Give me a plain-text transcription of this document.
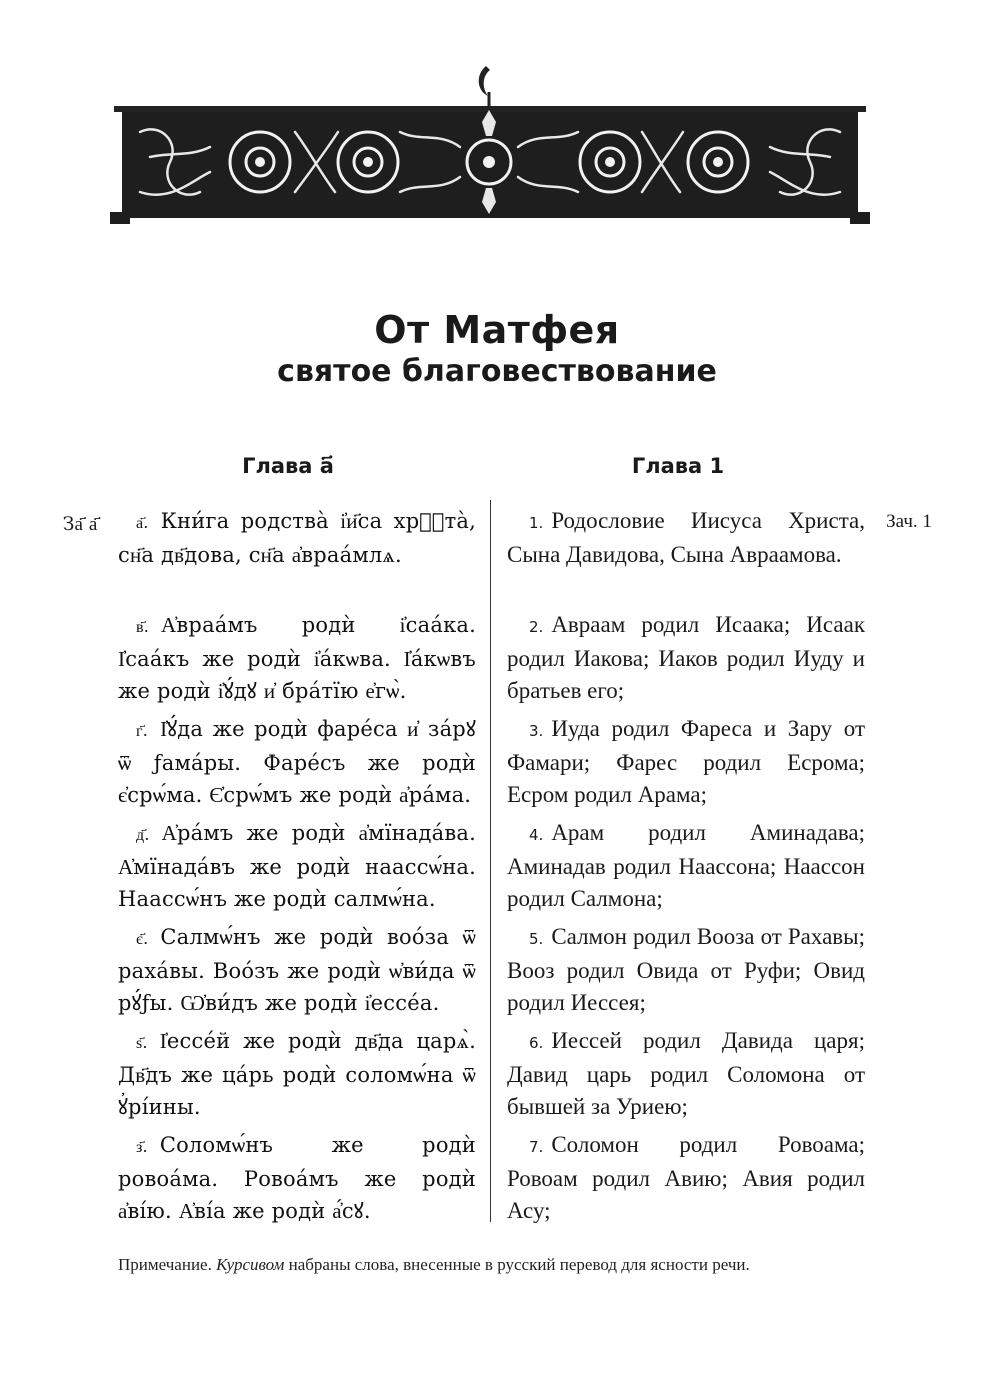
От Матфея
святое благовествование
Глава а҃	Глава 1
За҃ а҃	Зач. 1
а҃. Кни́га родства̀ і҆и҃са хрⷭ҇та̀, сн҃а дв҃дова, сн҃а а҆враа́млѧ.
в҃. А҆враа́мъ родѝ і҆саа́ка. І҆саа́къ же родѝ і҆а́кѡва. І҆а́кѡвъ же родѝ і҆ꙋ́дꙋ и҆ бра́тїю е҆гѡ̀.
г҃. І҆ꙋ́да же родѝ фаре́са и҆ за́рꙋ ѿ ƒама́ры. Фаре́съ же родѝ є҆срѡ́ма. Є҆срѡ́мъ же родѝ а҆ра́ма.
д҃. А҆ра́мъ же родѝ а҆мїнада́ва. А҆мїнада́въ же родѝ наассѡ́на. Наассѡ́нъ же родѝ салмѡ́на.
є҃. Салмѡ́нъ же родѝ воо́за ѿ раха́вы. Воо́зъ же родѝ ѡ҆ви́да ѿ рꙋ́ƒы. Ѡ҆ви́дъ же родѝ і҆ессе́а.
ѕ҃. І҆ессе́й же родѝ дв҃да царѧ̀. Дв҃дъ же ца́рь родѝ соломѡ́на ѿ ꙋ҆рі́ины.
з҃. Соломѡ́нъ же родѝ ровоа́ма. Ровоа́мъ же родѝ а҆ві́ю. А҆ві́а же родѝ а҆́сꙋ.
1. Родословие Иисуса Христа, Сына Давидова, Сына Авраамова.
2. Авраам родил Исаака; Исаак родил Иакова; Иаков родил Иуду и братьев его;
3. Иуда родил Фареса и Зару от Фамари; Фарес родил Есрома; Есром родил Арама;
4. Арам родил Аминадава; Аминадав родил Наассона; Наассон родил Салмона;
5. Салмон родил Вооза от Рахавы; Вооз родил Овида от Руфи; Овид родил Иессея;
6. Иессей родил Давида царя; Давид царь родил Соломона от бывшей за Уриею;
7. Соломон родил Ровоама; Ровоам родил Авию; Авия родил Асу;
Примечание. Курсивом набраны слова, внесенные в русский перевод для ясности речи.
